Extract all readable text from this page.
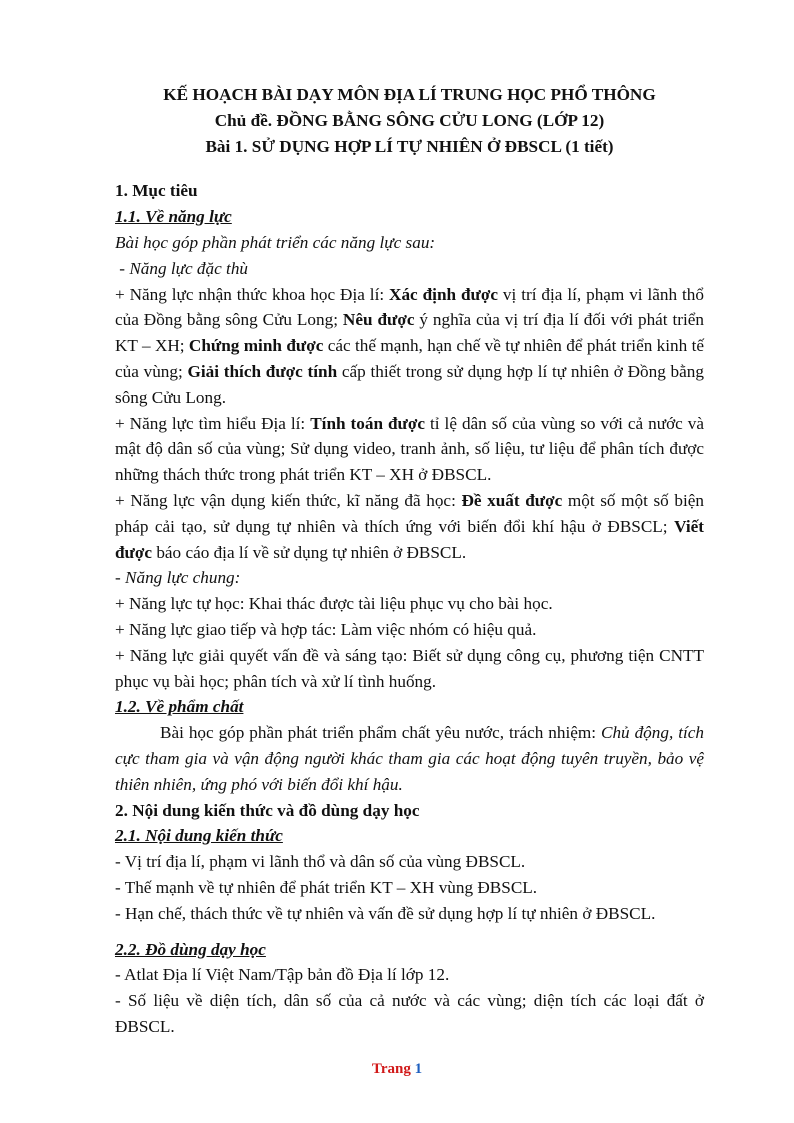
KẾ HOẠCH BÀI DẠY MÔN ĐỊA LÍ TRUNG HỌC PHỔ THÔNG

Chủ đề. ĐỒNG BẰNG SÔNG CỬU LONG (LỚP 12)

Bài 1. SỬ DỤNG HỢP LÍ TỰ NHIÊN Ở ĐBSCL (1 tiết)

1. Mục tiêu

1.1. Về năng lực

Bài học góp phần phát triển các năng lực sau:

- Năng lực đặc thù

+ Năng lực nhận thức khoa học Địa lí: Xác định được vị trí địa lí, phạm vi lãnh thổ của Đồng bằng sông Cửu Long; Nêu được ý nghĩa của vị trí địa lí đối với phát triển KT – XH; Chứng minh được các thế mạnh, hạn chế về tự nhiên để phát triển kinh tế của vùng; Giải thích được tính cấp thiết trong sử dụng hợp lí tự nhiên ở Đồng bằng sông Cửu Long.

+ Năng lực tìm hiểu Địa lí: Tính toán được tỉ lệ dân số của vùng so với cả nước và mật độ dân số của vùng; Sử dụng video, tranh ảnh, số liệu, tư liệu để phân tích được những thách thức trong phát triển KT – XH ở ĐBSCL.

+ Năng lực vận dụng kiến thức, kĩ năng đã học: Đề xuất được một số một số biện pháp cải tạo, sử dụng tự nhiên và thích ứng với biến đổi khí hậu ở ĐBSCL; Viết được báo cáo địa lí về sử dụng tự nhiên ở ĐBSCL.

- Năng lực chung:

+ Năng lực tự học: Khai thác được tài liệu phục vụ cho bài học.

+ Năng lực giao tiếp và hợp tác: Làm việc nhóm có hiệu quả.

+ Năng lực giải quyết vấn đề và sáng tạo: Biết sử dụng công cụ, phương tiện CNTT phục vụ bài học; phân tích và xử lí tình huống.

1.2. Về phẩm chất

Bài học góp phần phát triển phẩm chất yêu nước, trách nhiệm: Chủ động, tích cực tham gia và vận động người khác tham gia các hoạt động tuyên truyền, bảo vệ thiên nhiên, ứng phó với biến đổi khí hậu.

2. Nội dung kiến thức và đồ dùng dạy học

2.1. Nội dung kiến thức

- Vị trí địa lí, phạm vi lãnh thổ và dân số của vùng ĐBSCL.

- Thế mạnh về tự nhiên để phát triển KT – XH vùng ĐBSCL.

- Hạn chế, thách thức về tự nhiên và vấn đề sử dụng hợp lí tự nhiên ở ĐBSCL.

2.2. Đồ dùng dạy học

- Atlat Địa lí Việt Nam/Tập bản đồ Địa lí lớp 12.

- Số liệu về diện tích, dân số của cả nước và các vùng; diện tích các loại đất ở ĐBSCL.

Trang 1
